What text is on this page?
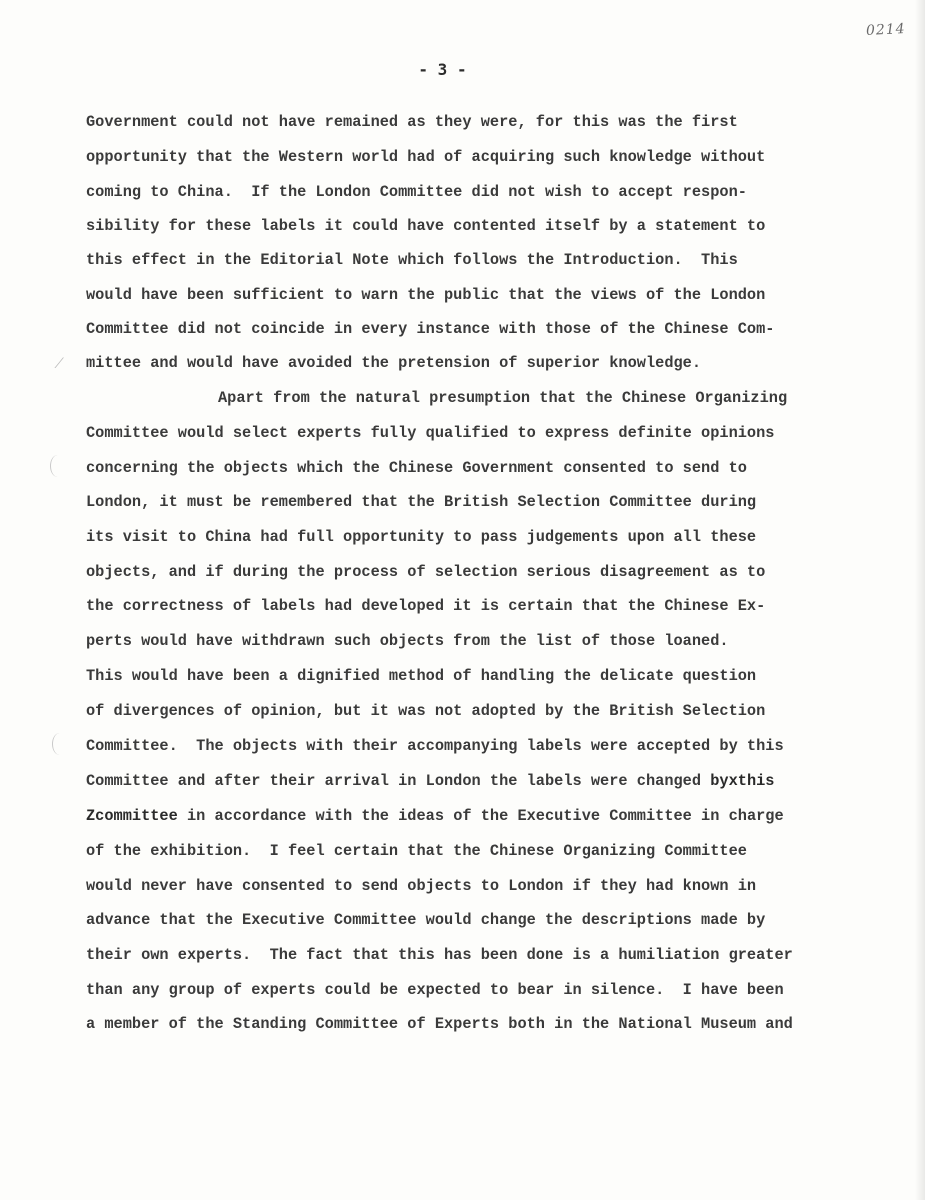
0214
- 3 -
⁄
Government could not have remained as they were, for this was the first
opportunity that the Western world had of acquiring such knowledge without
coming to China.  If the London Committee did not wish to accept respon-
sibility for these labels it could have contented itself by a statement to
this effect in the Editorial Note which follows the Introduction.  This
would have been sufficient to warn the public that the views of the London
Committee did not coincide in every instance with those of the Chinese Com-
mittee and would have avoided the pretension of superior knowledge.
Apart from the natural presumption that the Chinese Organizing
Committee would select experts fully qualified to express definite opinions
concerning the objects which the Chinese Government consented to send to
London, it must be remembered that the British Selection Committee during
its visit to China had full opportunity to pass judgements upon all these
objects, and if during the process of selection serious disagreement as to
the correctness of labels had developed it is certain that the Chinese Ex-
perts would have withdrawn such objects from the list of those loaned.
This would have been a dignified method of handling the delicate question
of divergences of opinion, but it was not adopted by the British Selection
Committee.  The objects with their accompanying labels were accepted by this
Committee and after their arrival in London the labels were changed byxthis
Zcommittee in accordance with the ideas of the Executive Committee in charge
of the exhibition.  I feel certain that the Chinese Organizing Committee
would never have consented to send objects to London if they had known in
advance that the Executive Committee would change the descriptions made by
their own experts.  The fact that this has been done is a humiliation greater
than any group of experts could be expected to bear in silence.  I have been
a member of the Standing Committee of Experts both in the National Museum and
